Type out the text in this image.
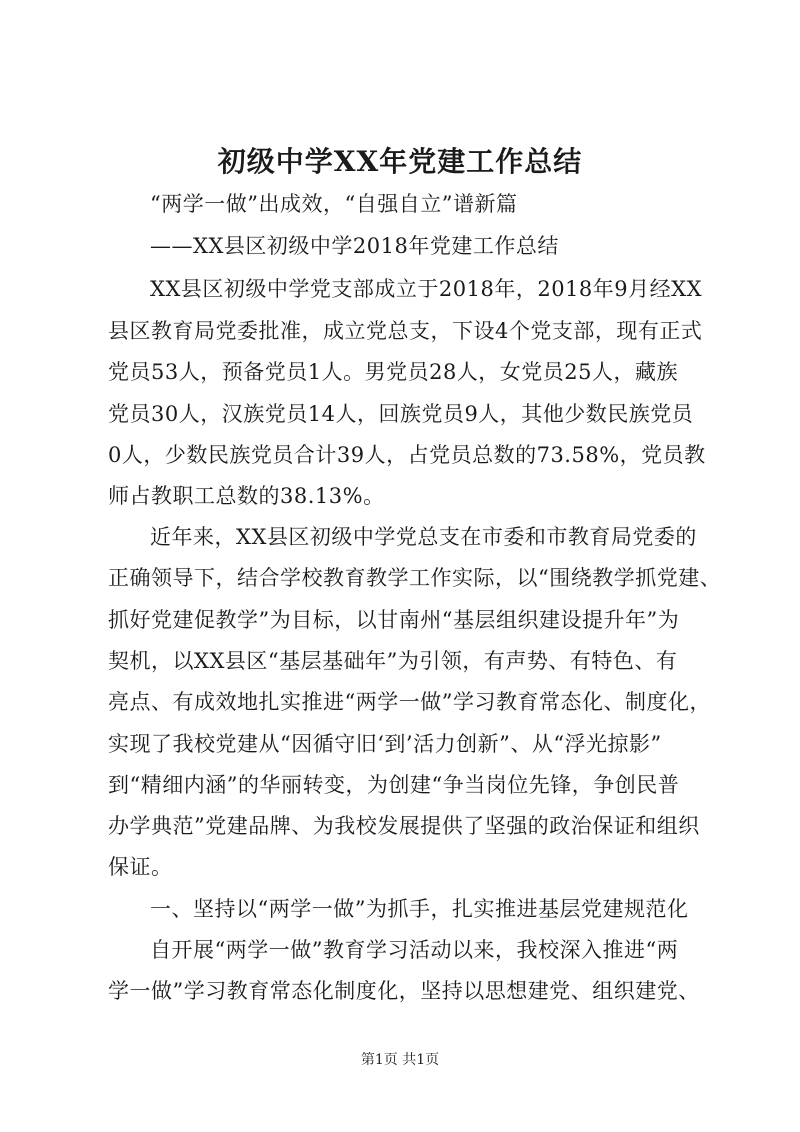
初级中学XX年党建工作总结
“两学一做”出成效，“自强自立”谱新篇
——XX县区初级中学2018年党建工作总结
XX县区初级中学党支部成立于2018年，2018年9月经XX
县区教育局党委批准，成立党总支，下设4个党支部，现有正式
党员53人，预备党员1人。男党员28人，女党员25人，藏族
党员30人，汉族党员14人，回族党员9人，其他少数民族党员
0人，少数民族党员合计39人，占党员总数的73.58%，党员教
师占教职工总数的38.13%。
近年来，XX县区初级中学党总支在市委和市教育局党委的
正确领导下，结合学校教育教学工作实际，以“围绕教学抓党建、
抓好党建促教学”为目标，以甘南州“基层组织建设提升年”为
契机，以XX县区“基层基础年”为引领，有声势、有特色、有
亮点、有成效地扎实推进“两学一做”学习教育常态化、制度化，
实现了我校党建从“因循守旧‘到’活力创新”、从“浮光掠影”
到“精细内涵”的华丽转变，为创建“争当岗位先锋，争创民普
办学典范”党建品牌、为我校发展提供了坚强的政治保证和组织
保证。
一、坚持以“两学一做”为抓手，扎实推进基层党建规范化
自开展“两学一做”教育学习活动以来，我校深入推进“两
学一做”学习教育常态化制度化，坚持以思想建党、组织建党、
第1页 共1页
